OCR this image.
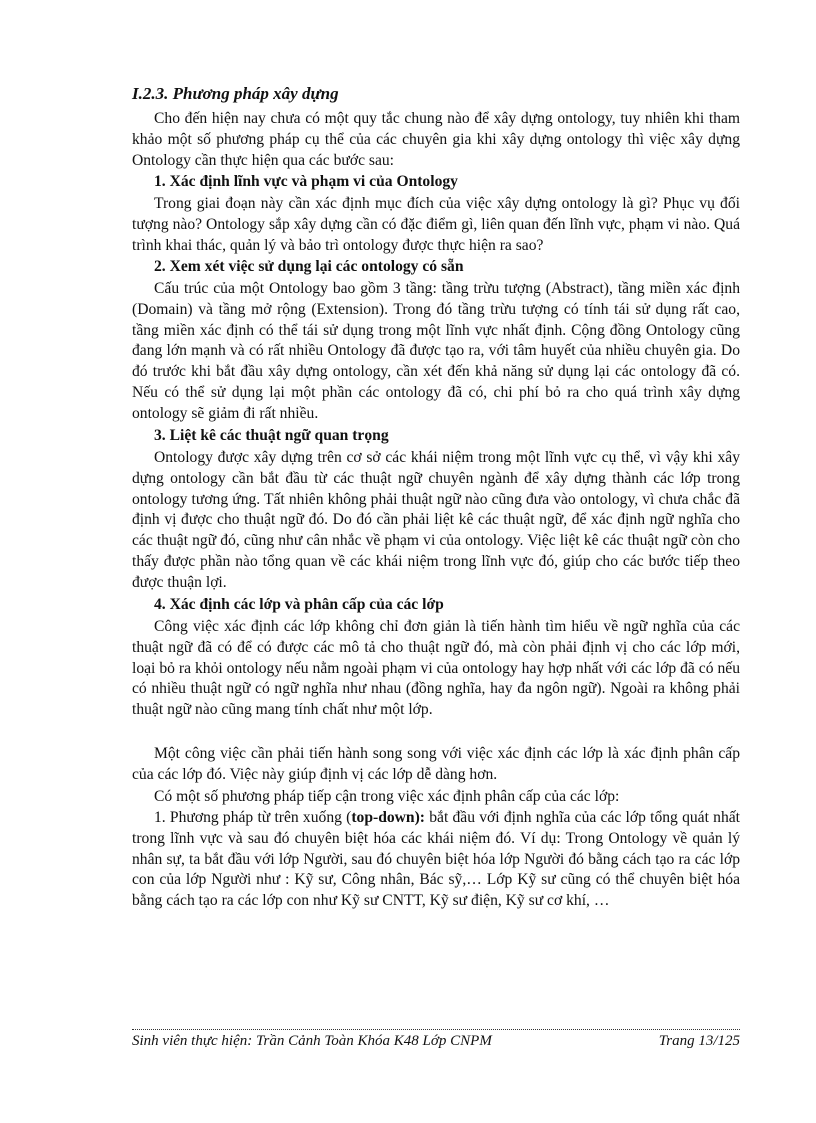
I.2.3. Phương pháp xây dựng

Cho đến hiện nay chưa có một quy tắc chung nào để xây dựng ontology, tuy nhiên khi tham khảo một số phương pháp cụ thể của các chuyên gia khi xây dựng ontology thì việc xây dựng Ontology cần thực hiện qua các bước sau:

1. Xác định lĩnh vực và phạm vi của Ontology

Trong giai đoạn này cần xác định mục đích của việc xây dựng ontology là gì? Phục vụ đối tượng nào? Ontology sắp xây dựng cần có đặc điểm gì, liên quan đến lĩnh vực, phạm vi nào. Quá trình khai thác, quản lý và bảo trì ontology được thực hiện ra sao?

2. Xem xét việc sử dụng lại các ontology có sẵn

Cấu trúc của một Ontology bao gồm 3 tầng: tầng trừu tượng (Abstract), tầng miền xác định (Domain) và tầng mở rộng (Extension). Trong đó tầng trừu tượng có tính tái sử dụng rất cao, tầng miền xác định có thể tái sử dụng trong một lĩnh vực nhất định. Cộng đồng Ontology cũng đang lớn mạnh và có rất nhiều Ontology đã được tạo ra, với tâm huyết của nhiều chuyên gia. Do đó trước khi bắt đầu xây dựng ontology, cần xét đến khả năng sử dụng lại các ontology đã có. Nếu có thể sử dụng lại một phần các ontology đã có, chi phí bỏ ra cho quá trình xây dựng ontology sẽ giảm đi rất nhiều.

3. Liệt kê các thuật ngữ quan trọng

Ontology được xây dựng trên cơ sở các khái niệm trong một lĩnh vực cụ thể, vì vậy khi xây dựng ontology cần bắt đầu từ các thuật ngữ chuyên ngành để xây dựng thành các lớp trong ontology tương ứng. Tất nhiên không phải thuật ngữ nào cũng đưa vào ontology, vì chưa chắc đã định vị được cho thuật ngữ đó. Do đó cần phải liệt kê các thuật ngữ, để xác định ngữ nghĩa cho các thuật ngữ đó, cũng như cân nhắc về phạm vi của ontology. Việc liệt kê các thuật ngữ còn cho thấy được phần nào tổng quan về các khái niệm trong lĩnh vực đó, giúp cho các bước tiếp theo được thuận lợi.

4. Xác định các lớp và phân cấp của các lớp

Công việc xác định các lớp không chỉ đơn giản là tiến hành tìm hiểu về ngữ nghĩa của các thuật ngữ đã có để có được các mô tả cho thuật ngữ đó, mà còn phải định vị cho các lớp mới, loại bỏ ra khỏi ontology nếu nằm ngoài phạm vi của ontology hay hợp nhất với các lớp đã có nếu có nhiều thuật ngữ có ngữ nghĩa như nhau (đồng nghĩa, hay đa ngôn ngữ). Ngoài ra không phải thuật ngữ nào cũng mang tính chất như một lớp.

Một công việc cần phải tiến hành song song với việc xác định các lớp là xác định phân cấp của các lớp đó. Việc này giúp định vị các lớp dễ dàng hơn.

Có một số phương pháp tiếp cận trong việc xác định phân cấp của các lớp:

1. Phương pháp từ trên xuống (top-down): bắt đầu với định nghĩa của các lớp tổng quát nhất trong lĩnh vực và sau đó chuyên biệt hóa các khái niệm đó. Ví dụ: Trong Ontology về quản lý nhân sự, ta bắt đầu với lớp Người, sau đó chuyên biệt hóa lớp Người đó bằng cách tạo ra các lớp con của lớp Người như : Kỹ sư, Công nhân, Bác sỹ,… Lớp Kỹ sư cũng có thể chuyên biệt hóa bằng cách tạo ra các lớp con như Kỹ sư CNTT, Kỹ sư điện, Kỹ sư cơ khí, …

Sinh viên thực hiện: Trần Cảnh Toàn Khóa K48 Lớp CNPM	Trang 13/125
